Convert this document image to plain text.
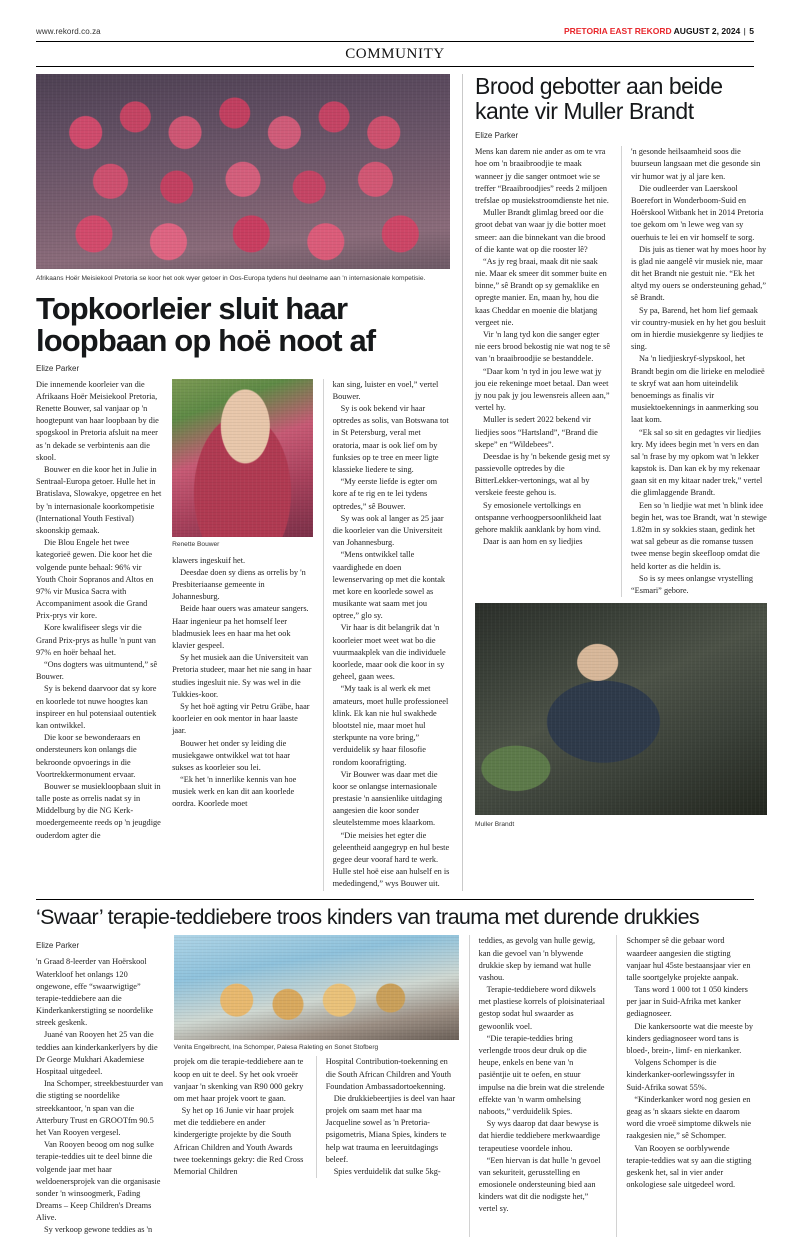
www.rekord.co.za	PRETORIA EAST REKORD AUGUST 2, 2024 | 5
COMMUNITY
Afrikaans Hoër Meisiekool Pretoria se koor het ook wyer getoer in Oos-Europa tydens hul deelname aan 'n internasionale kompetisie.
Topkoorleier sluit haar loopbaan op hoë noot af
Elize Parker

Die innemende koorleier van die Afrikaans Hoër Meisiekool Pretoria, Renette Bouwer, sal vanjaar op 'n hoogtepunt van haar loopbaan by die spogskool in Pretoria afsluit na meer as 'n dekade se verbintenis aan die skool.

Bouwer en die koor het in Julie in Sentraal-Europa getoer. Hulle het in Bratislava, Slowakye, opgetree en het by 'n internasionale koorkompetisie (International Youth Festival) skoonskip gemaak.

Die Blou Engele het twee kategorieë gewen. Die koor het die volgende punte behaal: 96% vir Youth Choir Sopranos and Altos en 97% vir Musica Sacra with Accompaniment asook die Grand Prix-prys vir kore.

Kore kwalifiseer slegs vir die Grand Prix-prys as hulle 'n punt van 97% en hoër behaal het.

“Ons dogters was uitmuntend,” sê Bouwer.

Sy is bekend daarvoor dat sy kore en koorlede tot nuwe hoogtes kan inspireer en hul potensiaal outentiek kan ontwikkel.

Die koor se bewonderaars en ondersteuners kon onlangs die bekroonde opvoerings in die Voortrekkermonument ervaar.

Bouwer se musiekloopbaan sluit in talle poste as orrelis nadat sy in Middelburg by die NG Kerk-moedergemeente reeds op 'n jeugdige ouderdom agter die

Renette Bouwer

klawers ingeskuif het.

Deesdae doen sy diens as orrelis by 'n Presbiteriaanse gemeente in Johannesburg.

Beide haar ouers was amateur sangers. Haar ingenieur pa het homself leer bladmusiek lees en haar ma het ook klavier gespeel.

Sy het musiek aan die Universiteit van Pretoria studeer, maar het nie sang in haar studies ingesluit nie. Sy was wel in die Tukkies-koor.

Sy het hoë agting vir Petru Gräbe, haar koorleier en ook mentor in haar laaste jaar.

Bouwer het onder sy leiding die musiekgawe ontwikkel wat tot haar sukses as koorleier sou lei.

“Ek het 'n innerlike kennis van hoe musiek werk en kan dit aan koorlede oordra. Koorlede moet

kan sing, luister en voel,” vertel Bouwer.

Sy is ook bekend vir haar optredes as solis, van Botswana tot in St Petersburg, veral met oratoria, maar is ook lief om by funksies op te tree en meer ligte klassieke liedere te sing.

“My eerste liefde is egter om kore af te rig en te lei tydens optredes,” sê Bouwer.

Sy was ook al langer as 25 jaar die koorleier van die Universiteit van Johannesburg.

“Mens ontwikkel talle vaardighede en doen lewenservaring op met die kontak met kore en koorlede sowel as musikante wat saam met jou optree,” glo sy.

Vir haar is dit belangrik dat 'n koorleier moet weet wat bo die vuurmaakplek van die individuele koorlede, maar ook die koor in sy geheel, gaan wees.

“My taak is al werk ek met amateurs, moet hulle professioneel klink. Ek kan nie hul swakhede blootstel nie, maar moet hul sterkpunte na vore bring,” verduidelik sy haar filosofie rondom koorafrigting.

Vir Bouwer was daar met die koor se onlangse internasionale prestasie 'n aansienlike uitdaging aangesien die koor sonder sleutelstemme moes klaarkom.

“Die meisies het egter die geleentheid aangegryp en hul beste gegee deur vooraf hard te werk. Hulle stel hoë eise aan hulself en is mededingend,” wys Bouwer uit.

Brood gebotter aan beide kante vir Muller Brandt
Elize Parker

Mens kan darem nie ander as om te vra hoe om 'n braaibroodjie te maak wanneer jy die sanger ontmoet wie se treffer “Braaibroodjies” reeds 2 miljoen trefslae op musiekstroomdienste het nie.

Muller Brandt glimlag breed oor die groot debat van waar jy die botter moet smeer: aan die binnekant van die brood of die kante wat op die rooster lê?

“As jy reg braai, maak dit nie saak nie. Maar ek smeer dit sommer buite en binne,” sê Brandt op sy gemaklike en opregte manier. En, maan hy, hou die kaas Cheddar en moenie die blatjang vergeet nie.

Vir 'n lang tyd kon die sanger egter nie eers brood bekostig nie wat nog te sê van 'n braaibroodjie se bestanddele.

“Daar kom 'n tyd in jou lewe wat jy jou eie rekeninge moet betaal. Dan weet jy nou pak jy jou lewensreis alleen aan,” vertel hy.

Muller is sedert 2022 bekend vir liedjies soos “Hartsland”, “Brand die skepe” en “Wildebees”.

Deesdae is hy 'n bekende gesig met sy passievolle optredes by die BitterLekker-vertonings, wat al by verskeie feeste gehou is.

Sy emosionele vertolkings en ontspanne verhoogpersoonlikheid laat gehore maklik aanklank by hom vind.

Daar is aan hom en sy liedjies

'n gesonde heilsaamheid soos die buurseun langsaan met die gesonde sin vir humor wat jy al jare ken.

Die oudleerder van Laerskool Boerefort in Wonderboom-Suid en Hoërskool Witbank het in 2014 Pretoria toe gekom om 'n lewe weg van sy ouerhuis te lei en vir homself te sorg.

Dis juis as tiener wat hy moes hoor hy is glad nie aangelê vir musiek nie, maar dit het Brandt nie gestuit nie. “Ek het altyd my ouers se ondersteuning gehad,” sê Brandt.

Sy pa, Barend, het hom lief gemaak vir country-musiek en hy het gou besluit om in hierdie musiekgenre sy liedjies te sing.

Na 'n liedjieskryf-slypskool, het Brandt begin om die lirieke en melodieë te skryf wat aan hom uiteindelik benoemings as finalis vir musiektoekennings in aanmerking sou laat kom.

“Ek sal so sit en gedagtes vir liedjies kry. My idees begin met 'n vers en dan sal 'n frase by my opkom wat 'n lekker kapstok is. Dan kan ek by my rekenaar gaan sit en my kitaar nader trek,” vertel die glimlaggende Brandt.

Een so 'n liedjie wat met 'n blink idee begin het, was toe Brandt, wat 'n stewige 1.82m in sy sokkies staan, gedink het wat sal gebeur as die romanse tussen twee mense begin skeefloop omdat die held korter as die heldin is.

So is sy mees onlangse vrystelling “Esmari” gebore.

Muller Brandt
‘Swaar’ terapie-teddiebere troos kinders van trauma met durende drukkies
Elize Parker

'n Graad 8-leerder van Hoërskool Waterkloof het onlangs 120 ongewone, effe “swaarwigtige” terapie-teddiebere aan die Kinderkankerstigting se noordelike streek geskenk.

Juané van Rooyen het 25 van die teddies aan kinderkankerlyers by die Dr George Mukhari Akademiese Hospitaal uitgedeel.

Ina Schomper, streekbestuurder van die stigting se noordelike streekkantoor, 'n span van die Atterbury Trust en GROOTfm 90.5 het Van Rooyen vergesel.

Van Rooyen beoog om nog sulke terapie-teddies uit te deel binne die volgende jaar met haar weldoenersprojek van die organisasie sonder 'n winsoogmerk, Fading Dreams – Keep Children's Dreams Alive.

Sy verkoop gewone teddies as 'n

Venita Engelbrecht, Ina Schomper, Palesa Raleting en Sonet Stofberg

projek om die terapie-teddiebere aan te koop en uit te deel. Sy het ook vroeër vanjaar 'n skenking van R90 000 gekry om met haar projek voort te gaan.

Sy het op 16 Junie vir haar projek met die teddiebere en ander kindergerigte projekte by die South African Children and Youth Awards twee toekennings gekry: die Red Cross Memorial Children

Hospital Contribution-toekenning en die South African Children and Youth Foundation Ambassadortoekenning.

Die drukkiebeertjies is deel van haar projek om saam met haar ma Jacqueline sowel as 'n Pretoria-psigometris, Miana Spies, kinders te help wat trauma en leeruitdagings beleef.

Spies verduidelik dat sulke 5kg-

teddies, as gevolg van hulle gewig, kan die gevoel van 'n blywende drukkie skep by iemand wat hulle vashou.

Terapie-teddiebere word dikwels met plastiese korrels of ploisinateriaal gestop sodat hul swaarder as gewoonlik voel.

“Die terapie-teddies bring verlengde troos deur druk op die heupe, enkels en bene van 'n pasiëntjie uit te oefen, en stuur impulse na die brein wat die strelende effekte van 'n warm omhelsing naboots,” verduidelik Spies.

Sy wys daarop dat daar bewyse is dat hierdie teddiebere merkwaardige terapeutiese voordele inhou.

“Een hiervan is dat hulle 'n gevoel van sekuriteit, gerusstelling en emosionele ondersteuning bied aan kinders wat dit die nodigste het,” vertel sy.

Schomper sê die gebaar word waardeer aangesien die stigting vanjaar hul 45ste bestaansjaar vier en talle soortgelyke projekte aanpak.

Tans word 1 000 tot 1 050 kinders per jaar in Suid-Afrika met kanker gediagnoseer.

Die kankersoorte wat die meeste by kinders gediagnoseer word tans is bloed-, brein-, limf- en nierkanker.

Volgens Schomper is die kinderkanker-oorlewingssyfer in Suid-Afrika sowat 55%.

“Kinderkanker word nog gesien en geag as 'n skaars siekte en daarom word die vroeë simptome dikwels nie raakgesien nie,” sê Schomper.

Van Rooyen se oorblywende terapie-teddies wat sy aan die stigting geskenk het, sal in vier ander onkologiese sale uitgedeel word.
